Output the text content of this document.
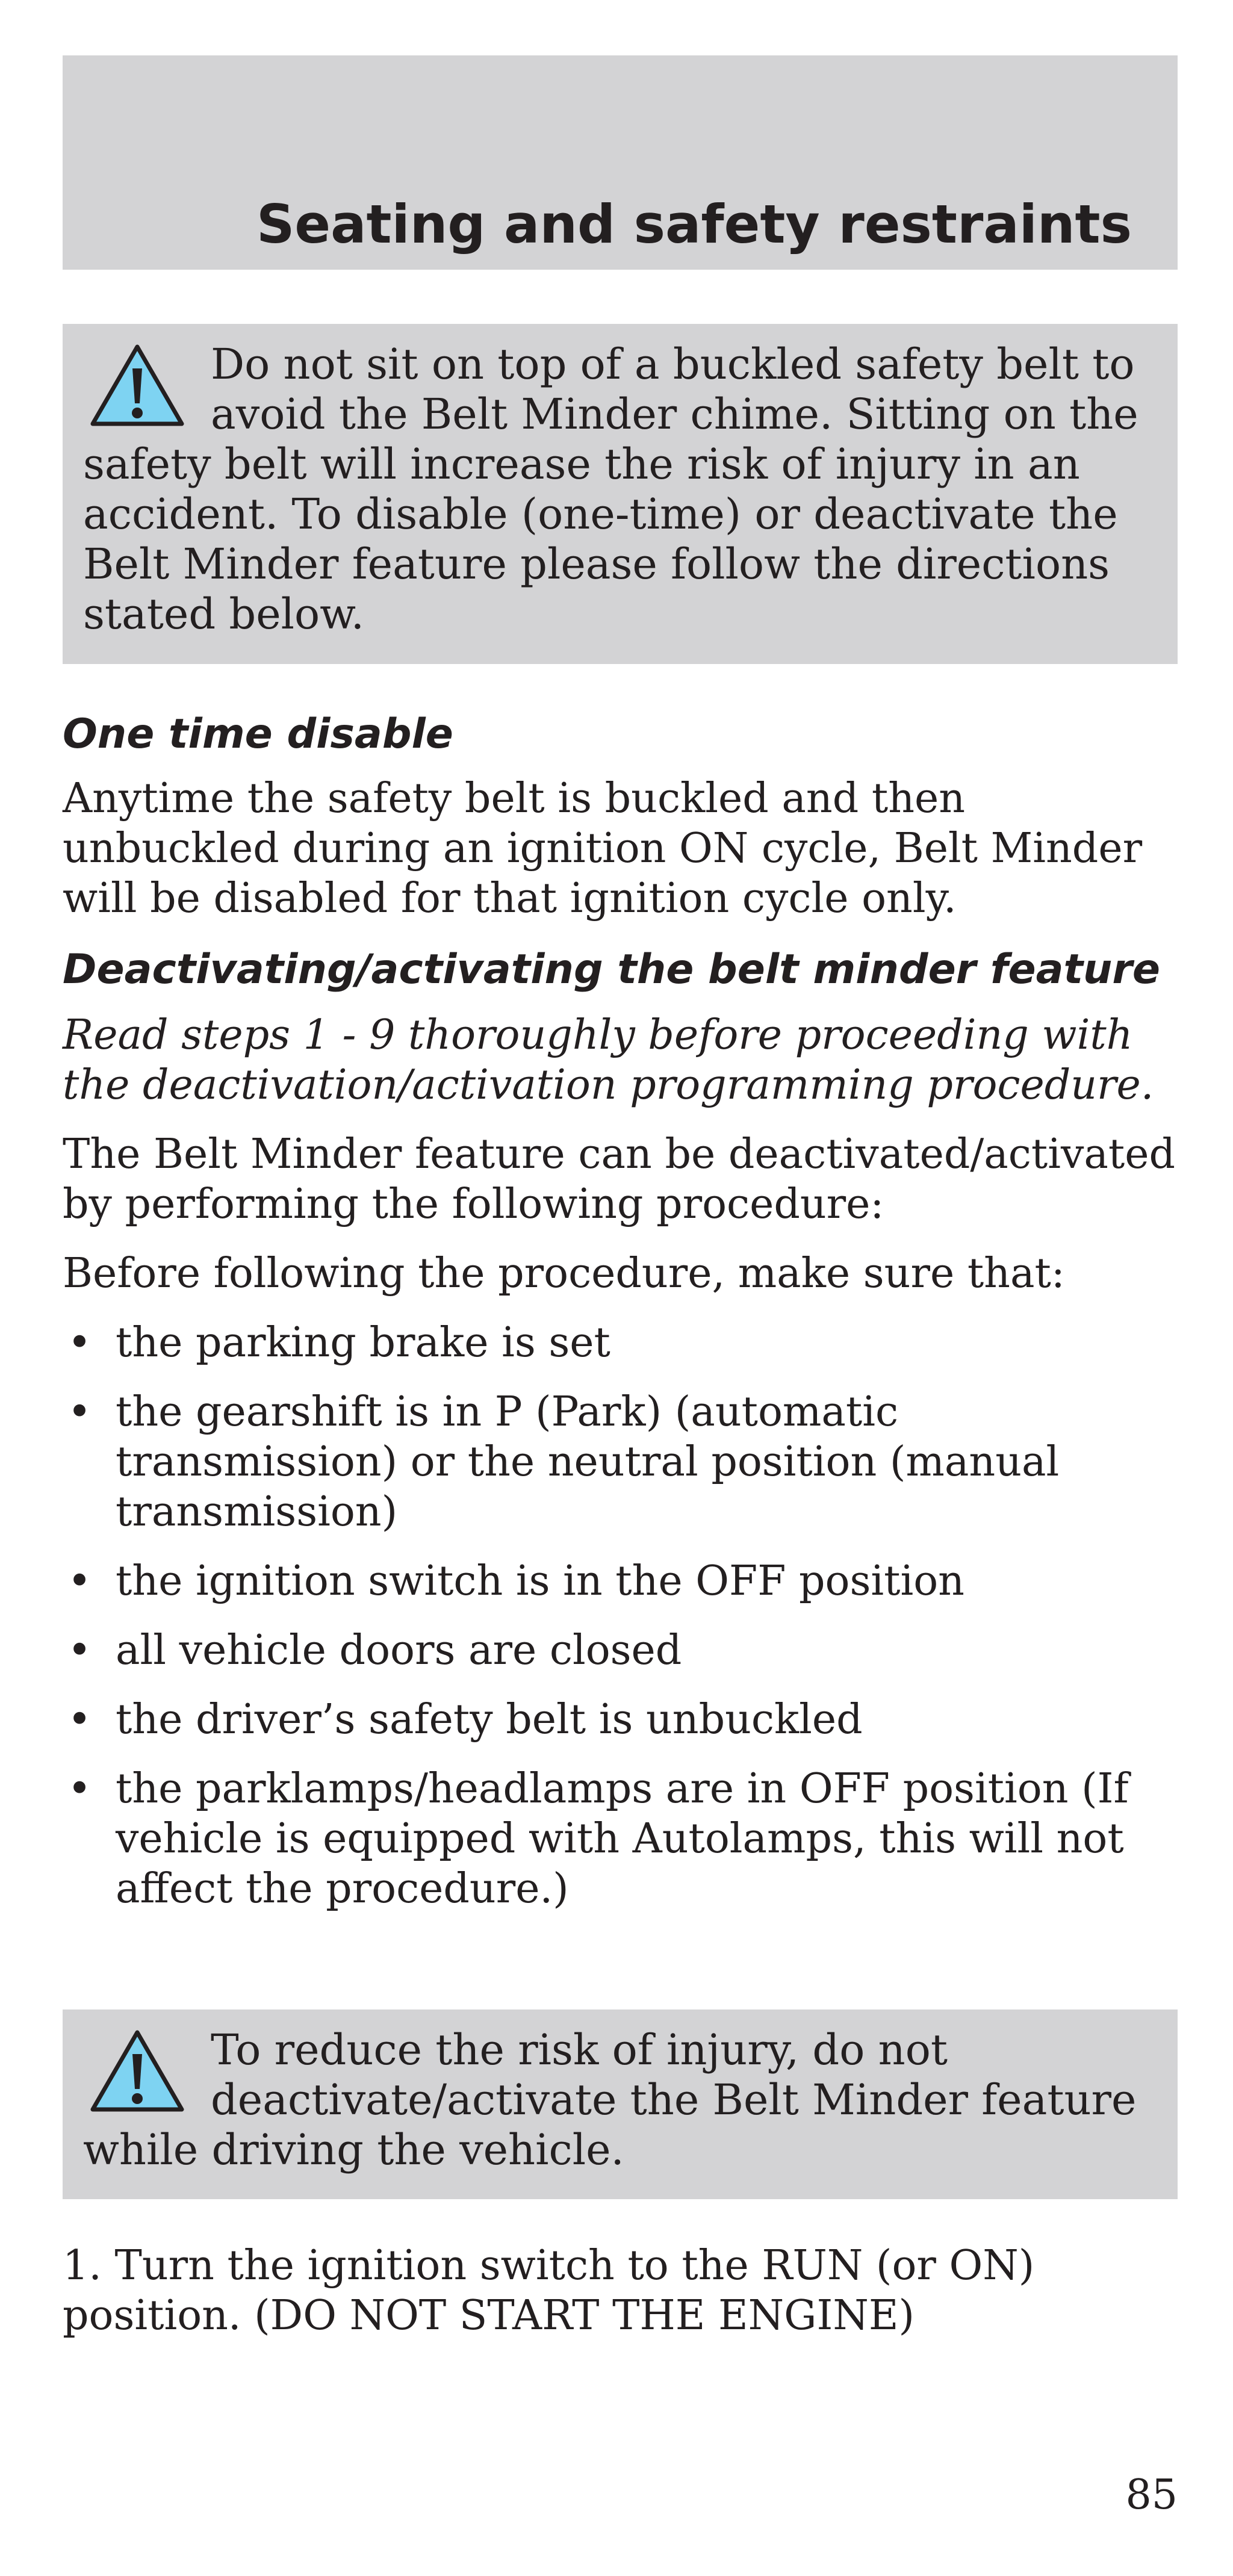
Seating and safety restraints

Do not sit on top of a buckled safety belt to avoid the Belt Minder chime. Sitting on the safety belt will increase the risk of injury in an accident. To disable (one-time) or deactivate the Belt Minder feature please follow the directions stated below.

One time disable

Anytime the safety belt is buckled and then unbuckled during an ignition ON cycle, Belt Minder will be disabled for that ignition cycle only.

Deactivating/activating the belt minder feature

Read steps 1 - 9 thoroughly before proceeding with the deactivation/activation programming procedure.

The Belt Minder feature can be deactivated/activated by performing the following procedure:

Before following the procedure, make sure that:

• the parking brake is set
• the gearshift is in P (Park) (automatic transmission) or the neutral position (manual transmission)
• the ignition switch is in the OFF position
• all vehicle doors are closed
• the driver’s safety belt is unbuckled
• the parklamps/headlamps are in OFF position (If vehicle is equipped with Autolamps, this will not affect the procedure.)

To reduce the risk of injury, do not deactivate/activate the Belt Minder feature while driving the vehicle.

1. Turn the ignition switch to the RUN (or ON) position. (DO NOT START THE ENGINE)

85
